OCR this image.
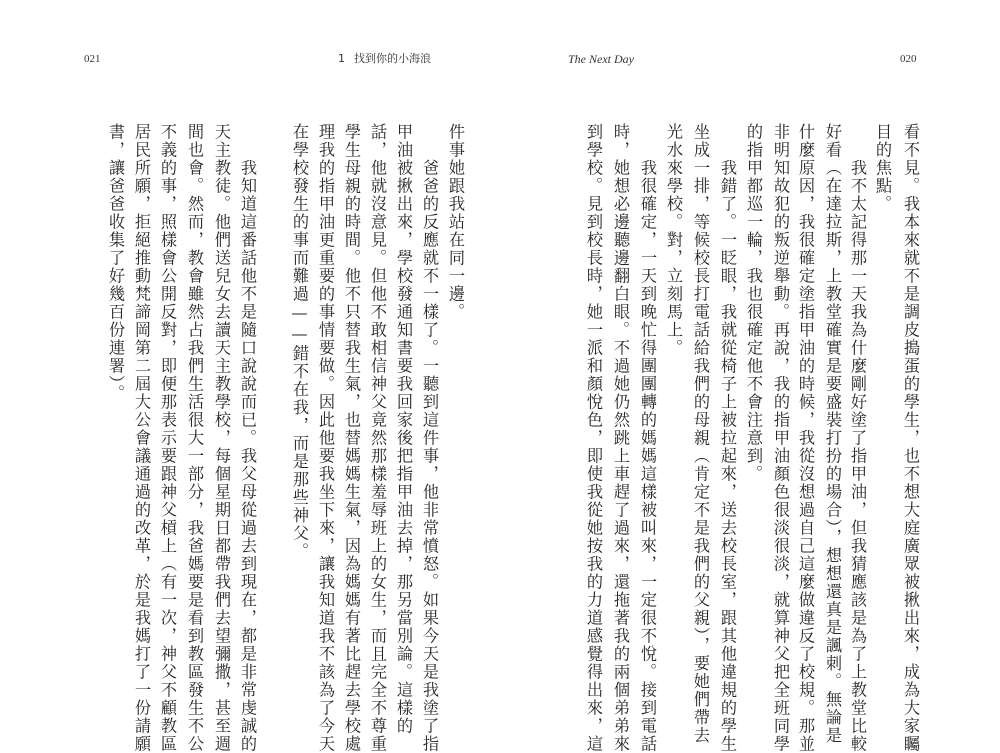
021	1 找到你的小海浪
件事她跟我站在同一邊。
爸爸的反應就不一樣了。一聽到這件事，他非常憤怒。如果今天是我塗了指
甲油被揪出來，學校發通知書要我回家後把指甲油去掉，那另當別論。這樣的
話，他就沒意見。但他不敢相信神父竟然那樣羞辱班上的女生，而且完全不尊重
學生母親的時間。他不只替我生氣，也替媽媽生氣，因為媽媽有著比趕去學校處
理我的指甲油更重要的事情要做。因此他要我坐下來，讓我知道我不該為了今天
在學校發生的事而難過——錯不在我，而是那些神父。
我知道這番話他不是隨口說說而已。我父母從過去到現在，都是非常虔誠的
天主教徒。他們送兒女去讀天主教學校，每個星期日都帶我們去望彌撒，甚至週
間也會。然而，教會雖然占我們生活很大一部分，我爸媽要是看到教區發生不公
不義的事，照樣會公開反對，即便那表示要跟神父槓上（有一次，神父不顧教區
居民所願，拒絕推動梵諦岡第二屆大公會議通過的改革，於是我媽打了一份請願
書，讓爸爸收集了好幾百份連署）。
The Next Day	020
看不見。我本來就不是調皮搗蛋的學生，也不想大庭廣眾被揪出來，成為大家矚
目的焦點。
我不太記得那一天我為什麼剛好塗了指甲油，但我猜應該是為了上教堂比較
好看（在達拉斯，上教堂確實是要盛裝打扮的場合），想想還真是諷刺。無論是
什麼原因，我很確定塗指甲油的時候，我從沒想過自己這麼做違反了校規。那並
非明知故犯的叛逆舉動。再說，我的指甲油顏色很淡很淡，就算神父把全班同學
的指甲都巡一輪，我也很確定他不會注意到。
我錯了。一眨眼，我就從椅子上被拉起來，送去校長室，跟其他違規的學生
坐成一排，等候校長打電話給我們的母親（肯定不是我們的父親），要她們帶去
光水來學校。對，立刻馬上。
我很確定，一天到晚忙得團團轉的媽媽這樣被叫來，一定很不悅。接到電話
時，她想必邊聽邊翻白眼。不過她仍然跳上車趕了過來，還拖著我的兩個弟弟來
到學校。見到校長時，她一派和顏悅色，即使我從她按我的力道感覺得出來，這
